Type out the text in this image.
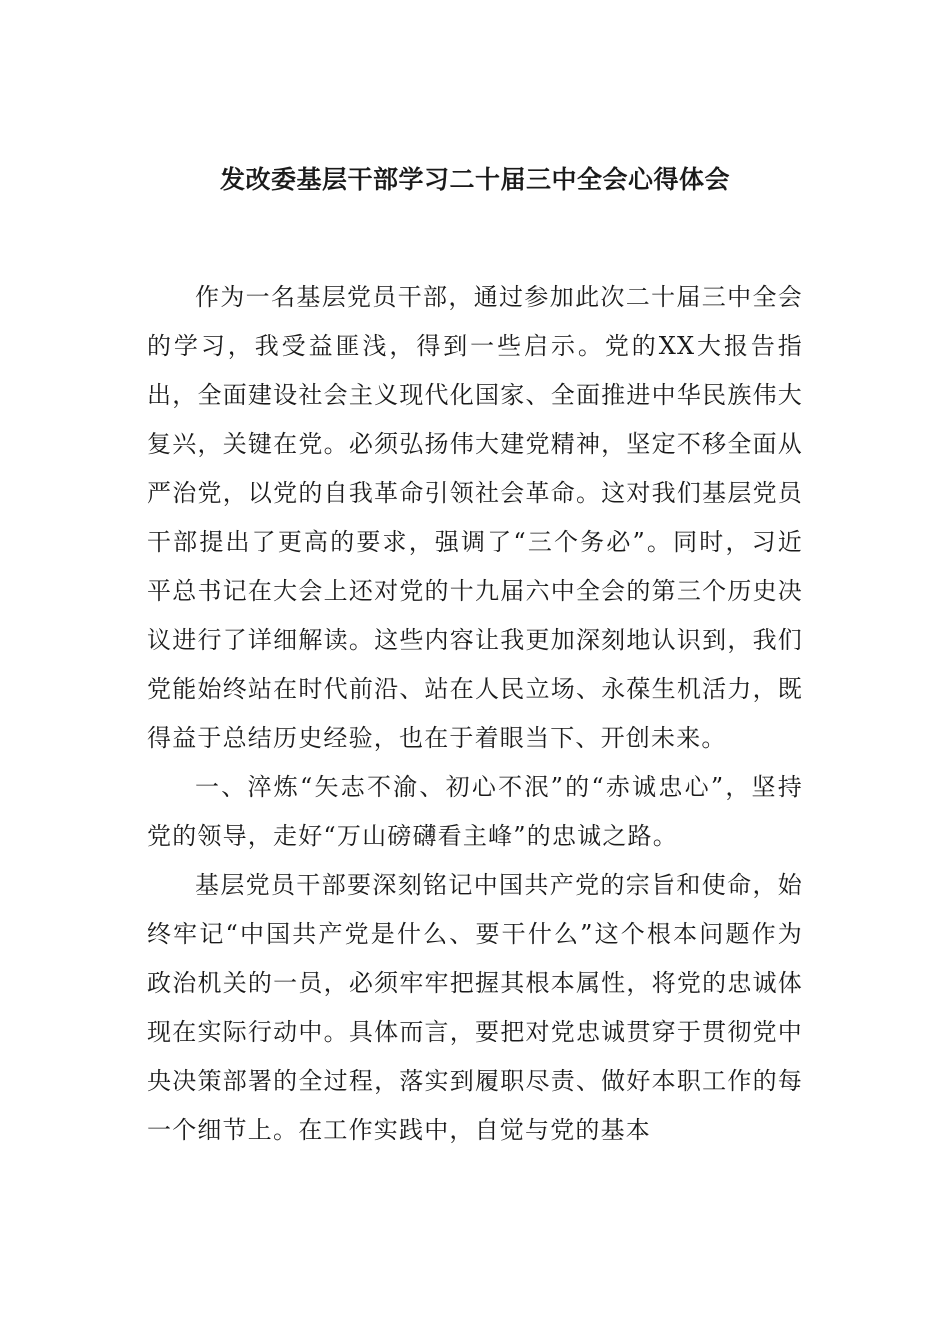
发改委基层干部学习二十届三中全会心得体会

作为一名基层党员干部，通过参加此次二十届三中全会的学习，我受益匪浅，得到一些启示。党的XX大报告指出，全面建设社会主义现代化国家、全面推进中华民族伟大复兴，关键在党。必须弘扬伟大建党精神，坚定不移全面从严治党，以党的自我革命引领社会革命。这对我们基层党员干部提出了更高的要求，强调了“三个务必”。同时，习近平总书记在大会上还对党的十九届六中全会的第三个历史决议进行了详细解读。这些内容让我更加深刻地认识到，我们党能始终站在时代前沿、站在人民立场、永葆生机活力，既得益于总结历史经验，也在于着眼当下、开创未来。

一、淬炼“矢志不渝、初心不泯”的“赤诚忠心”，坚持党的领导，走好“万山磅礴看主峰”的忠诚之路。

基层党员干部要深刻铭记中国共产党的宗旨和使命，始终牢记“中国共产党是什么、要干什么”这个根本问题作为政治机关的一员，必须牢牢把握其根本属性，将党的忠诚体现在实际行动中。具体而言，要把对党忠诚贯穿于贯彻党中央决策部署的全过程，落实到履职尽责、做好本职工作的每一个细节上。在工作实践中，自觉与党的基本
